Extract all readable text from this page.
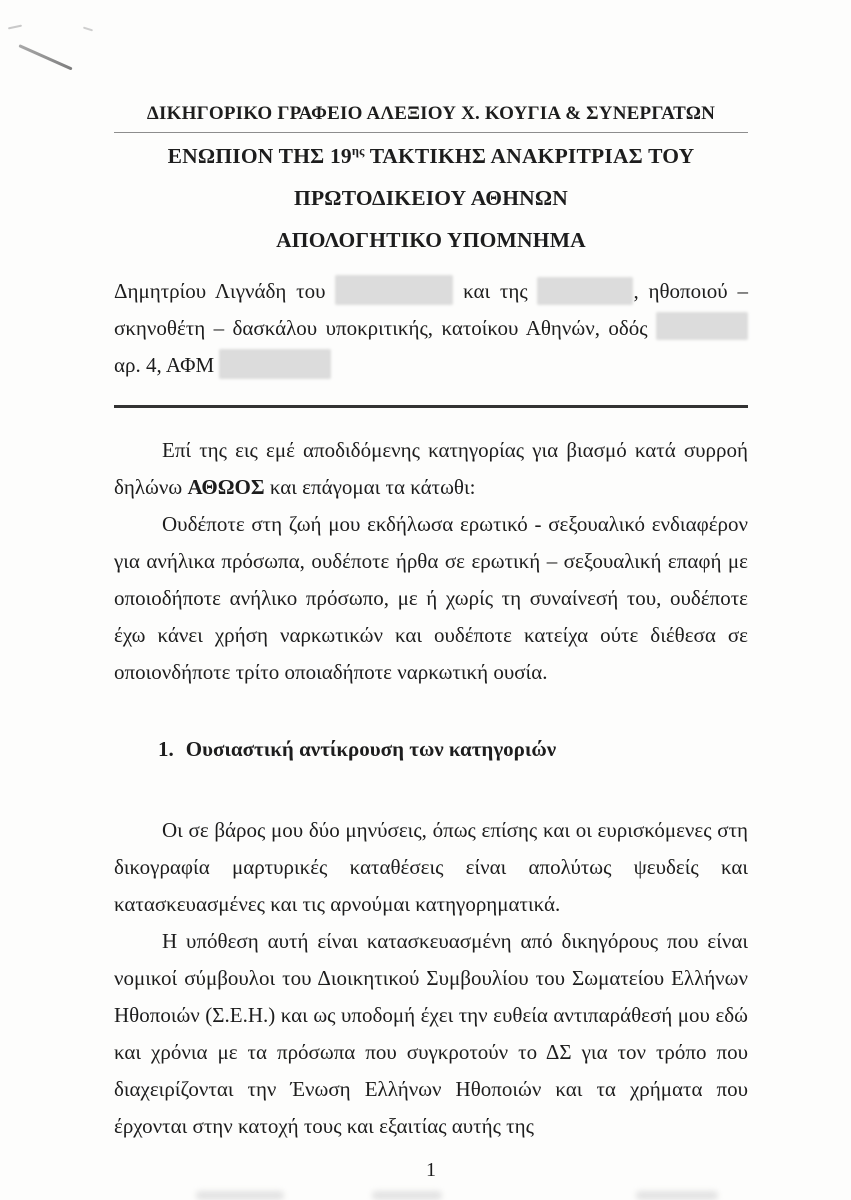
ΔΙΚΗΓΟΡΙΚΟ ΓΡΑΦΕΙΟ ΑΛΕΞΙΟΥ Χ. ΚΟΥΓΙΑ & ΣΥΝΕΡΓΑΤΩΝ
ΕΝΩΠΙΟΝ ΤΗΣ $19^{\eta\varsigma}$ ΤΑΚΤΙΚΗΣ ΑΝΑΚΡΙΤΡΙΑΣ ΤΟΥ
ΠΡΩΤΟΔΙΚΕΙΟΥ ΑΘΗΝΩΝ
ΑΠΟΛΟΓΗΤΙΚΟ ΥΠΟΜΝΗΜΑ

Δημητρίου Λιγνάδη του	και της	, ηθοποιού – σκηνοθέτη – δασκάλου υποκριτικής, κατοίκου Αθηνών, οδός  αρ. 4, ΑΦΜ

Επί της εις εμέ αποδιδόμενης κατηγορίας για βιασμό κατά συρροή δηλώνω ΑΘΩΟΣ και επάγομαι τα κάτωθι:

Ουδέποτε στη ζωή μου εκδήλωσα ερωτικό - σεξουαλικό ενδιαφέρον για ανήλικα πρόσωπα, ουδέποτε ήρθα σε ερωτική – σεξουαλική επαφή με οποιοδήποτε ανήλικο πρόσωπο, με ή χωρίς τη συναίνεσή του, ουδέποτε έχω κάνει χρήση ναρκωτικών και ουδέποτε κατείχα ούτε διέθεσα σε οποιονδήποτε τρίτο οποιαδήποτε ναρκωτική ουσία.

1. Ουσιαστική αντίκρουση των κατηγοριών

Οι σε βάρος μου δύο μηνύσεις, όπως επίσης και οι ευρισκόμενες στη δικογραφία μαρτυρικές καταθέσεις είναι απολύτως ψευδείς και κατασκευασμένες και τις αρνούμαι κατηγορηματικά.

Η υπόθεση αυτή είναι κατασκευασμένη από δικηγόρους που είναι νομικοί σύμβουλοι του Διοικητικού Συμβουλίου του Σωματείου Ελλήνων Ηθοποιών (Σ.Ε.Η.) και ως υποδομή έχει την ευθεία αντιπαράθεσή μου εδώ και χρόνια με τα πρόσωπα που συγκροτούν το ΔΣ για τον τρόπο που διαχειρίζονται την Ένωση Ελλήνων Ηθοποιών και τα χρήματα που έρχονται στην κατοχή τους και εξαιτίας αυτής της

1
